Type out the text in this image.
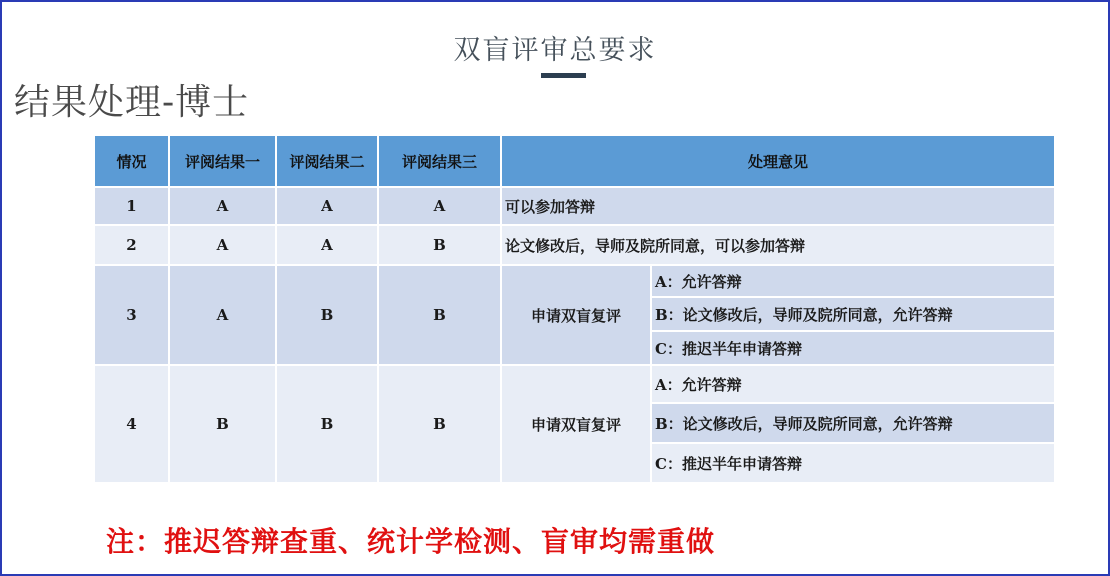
双盲评审总要求
结果处理-博士
情况	评阅结果一	评阅结果二	评阅结果三	处理意见	
1	A	A	A	可以参加答辩	
2	A	A	B	论文修改后，导师及院所同意，可以参加答辩	
3	A	B	B	申请双盲复评	A：允许答辩
B：论文修改后，导师及院所同意，允许答辩
C：推迟半年申请答辩

4	B	B	B	申请双盲复评	A：允许答辩
B：论文修改后，导师及院所同意，允许答辩
C：推迟半年申请答辩
注：推迟答辩查重、统计学检测、盲审均需重做
